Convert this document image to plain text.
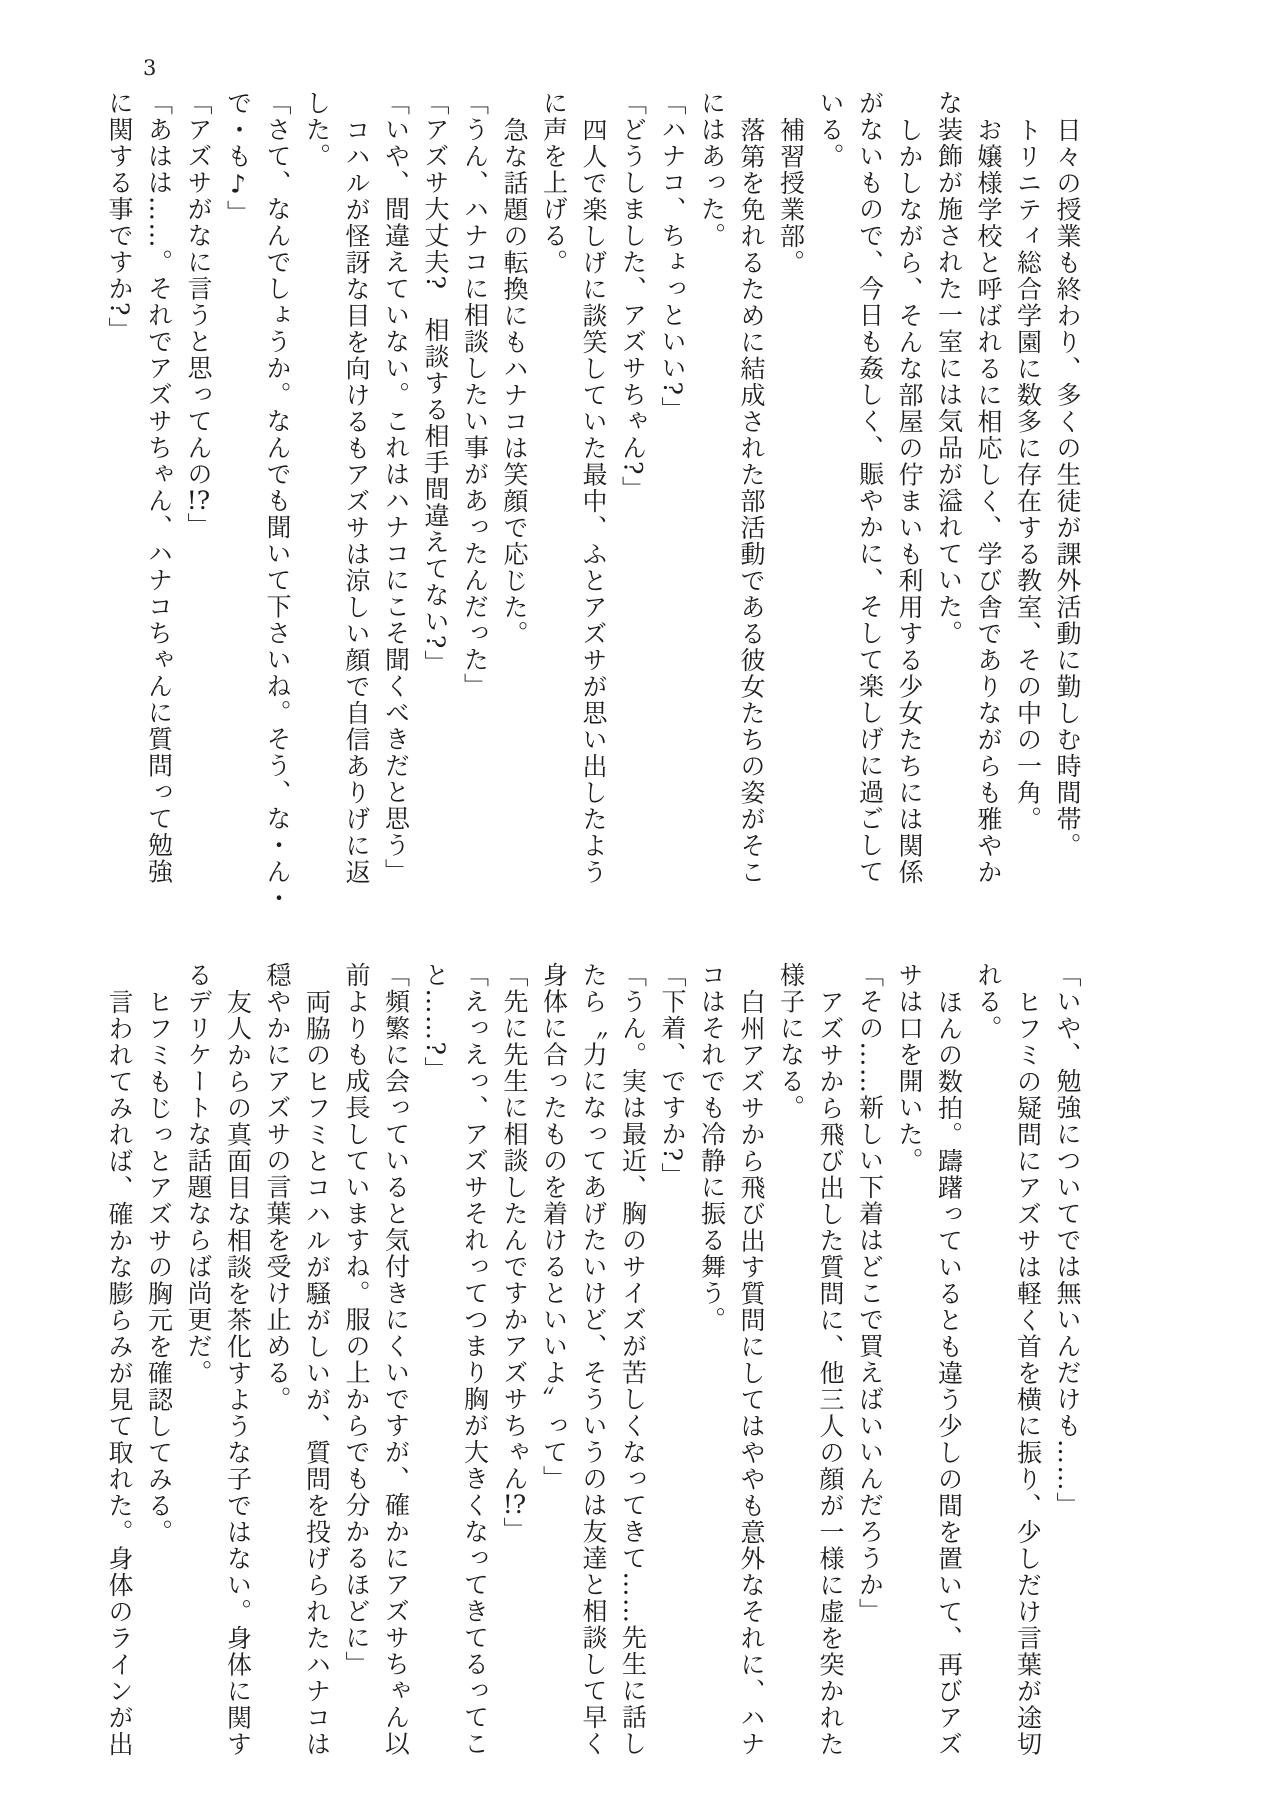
3
日々の授業も終わり、多くの生徒が課外活動に勤しむ時間帯。
トリニティ総合学園に数多に存在する教室、その中の一角。
お嬢様学校と呼ばれるに相応しく、学び舎でありながらも雅やか
な装飾が施された一室には気品が溢れていた。
しかしながら、そんな部屋の佇まいも利用する少女たちには関係
がないもので、今日も姦しく、賑やかに、そして楽しげに過ごして
いる。
補習授業部。
落第を免れるために結成された部活動である彼女たちの姿がそこ
にはあった。
「ハナコ、ちょっといい?」
「どうしました、アズサちゃん?」
四人で楽しげに談笑していた最中、ふとアズサが思い出したよう
に声を上げる。
急な話題の転換にもハナコは笑顔で応じた。
「うん、ハナコに相談したい事があったんだった」
「アズサ大丈夫?　相談する相手間違えてない?」
「いや、間違えていない。これはハナコにこそ聞くべきだと思う」
コハルが怪訝な目を向けるもアズサは涼しい顔で自信ありげに返
した。
「さて、なんでしょうか。なんでも聞いて下さいね。そう、な・ん・
で・も♪」
「アズサがなに言うと思ってんの!?」
「あはは……。それでアズサちゃん、ハナコちゃんに質問って勉強
に関する事ですか?」
「いや、勉強についてでは無いんだけも……」
ヒフミの疑問にアズサは軽く首を横に振り、少しだけ言葉が途切
れる。
ほんの数拍。躊躇っているとも違う少しの間を置いて、再びアズ
サは口を開いた。
「その……新しい下着はどこで買えばいいんだろうか」
アズサから飛び出した質問に、他三人の顔が一様に虚を突かれた
様子になる。
白州アズサから飛び出す質問にしてはややも意外なそれに、ハナ
コはそれでも冷静に振る舞う。
「下着、ですか?」
「うん。実は最近、胸のサイズが苦しくなってきて……先生に話し
たら〝力になってあげたいけど、そういうのは友達と相談して早く
身体に合ったものを着けるといいよ〟って」
「先に先生に相談したんですかアズサちゃん!?」
「えっえっ、アズサそれってつまり胸が大きくなってきてるってこ
と……?」
「頻繁に会っていると気付きにくいですが、確かにアズサちゃん以
前よりも成長していますね。服の上からでも分かるほどに」
両脇のヒフミとコハルが騒がしいが、質問を投げられたハナコは
穏やかにアズサの言葉を受け止める。
友人からの真面目な相談を茶化すような子ではない。身体に関す
るデリケートな話題ならば尚更だ。
ヒフミもじっとアズサの胸元を確認してみる。
言われてみれば、確かな膨らみが見て取れた。身体のラインが出
